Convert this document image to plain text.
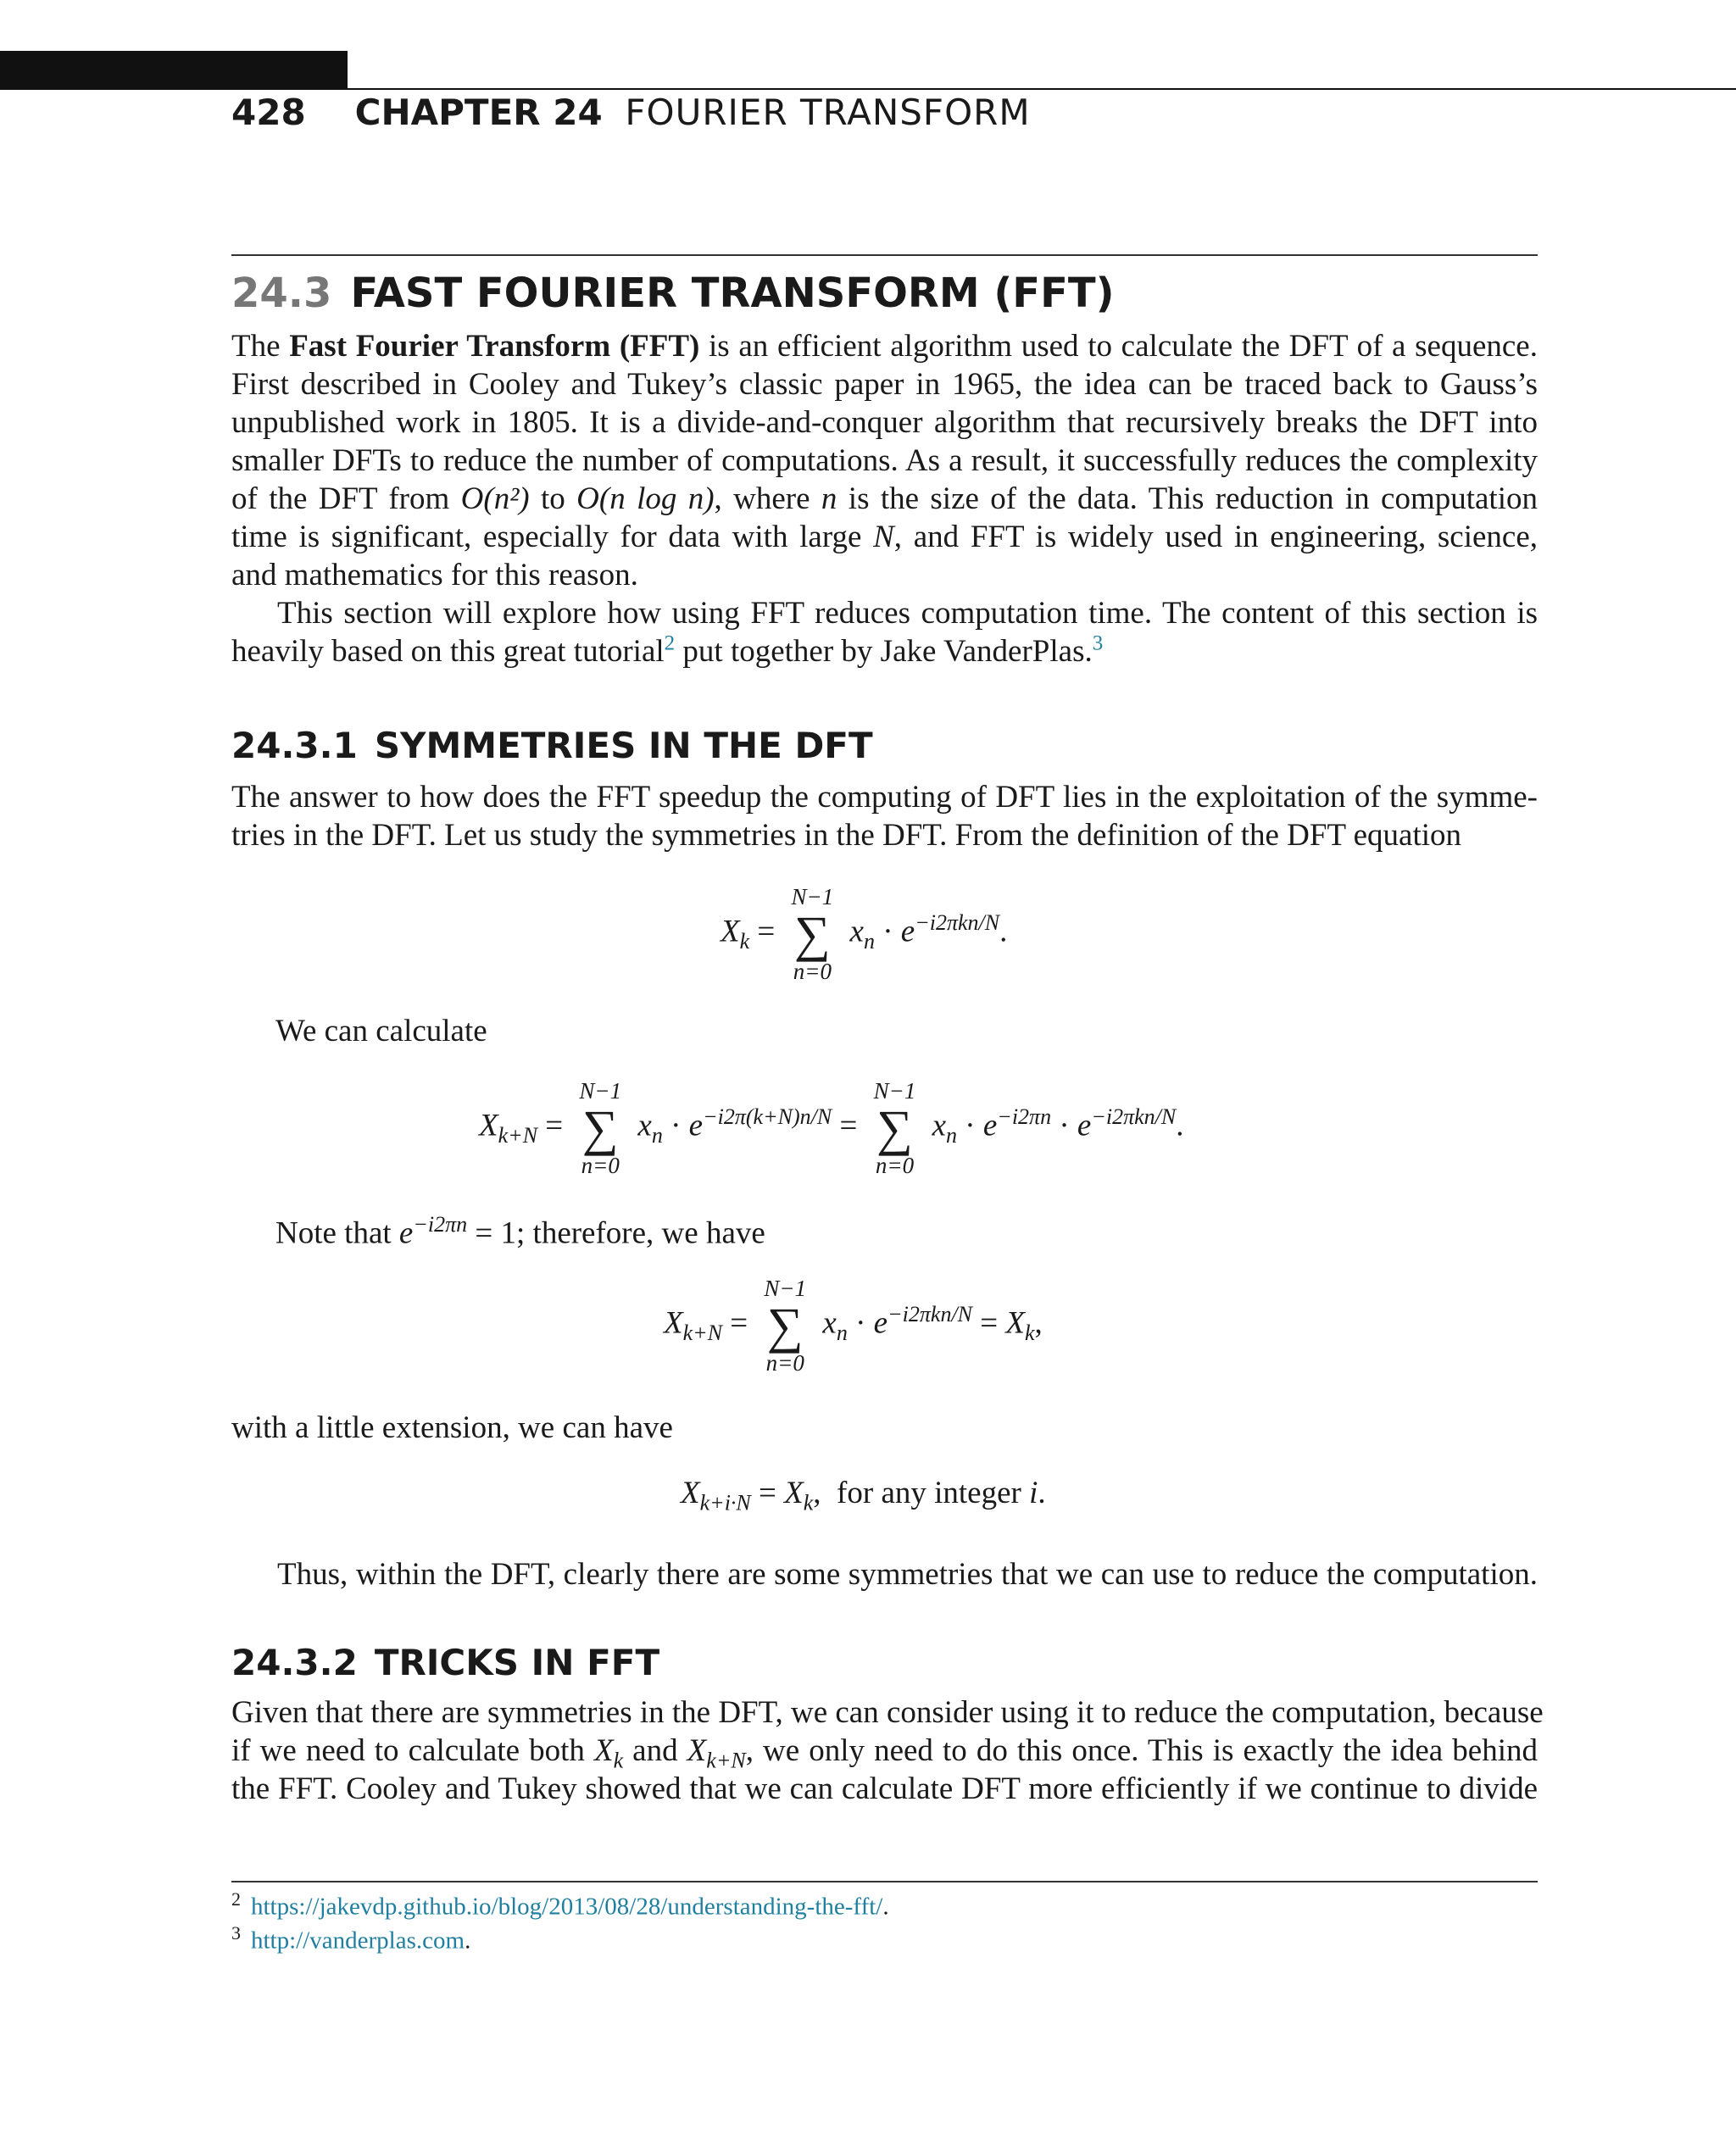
428 CHAPTER 24 FOURIER TRANSFORM
24.3 FAST FOURIER TRANSFORM (FFT)
The Fast Fourier Transform (FFT) is an efficient algorithm used to calculate the DFT of a sequence.
First described in Cooley and Tukey’s classic paper in 1965, the idea can be traced back to Gauss’s
unpublished work in 1805. It is a divide-and-conquer algorithm that recursively breaks the DFT into
smaller DFTs to reduce the number of computations. As a result, it successfully reduces the complexity
of the DFT from O(n²) to O(n log n), where n is the size of the data. This reduction in computation
time is significant, especially for data with large N, and FFT is widely used in engineering, science,
and mathematics for this reason.
This section will explore how using FFT reduces computation time. The content of this section is
heavily based on this great tutorial$^2$ put together by Jake VanderPlas.$^3$
24.3.1 SYMMETRIES IN THE DFT
The answer to how does the FFT speedup the computing of DFT lies in the exploitation of the symme-
tries in the DFT. Let us study the symmetries in the DFT. From the definition of the DFT equation
$X_k$ =
N−1
∑
n=0
$x_n \cdot e^{-i2\pi kn/N}$.
We can calculate
$X_{k+N}$ =
N−1
∑
n=0
$x_n \cdot e^{-i2\pi(k+N)n/N}$ =
N−1
∑
n=0
$x_n \cdot e^{-i2\pi n} \cdot e^{-i2\pi kn/N}$.
Note that $e^{-i2\pi n} = 1$; therefore, we have
$X_{k+N}$ =
N−1
∑
n=0
$x_n \cdot e^{-i2\pi kn/N} = X_k$,
with a little extension, we can have
$X_{k+i\cdot N} = X_k$, for any integer i.
Thus, within the DFT, clearly there are some symmetries that we can use to reduce the computation.
24.3.2 TRICKS IN FFT
Given that there are symmetries in the DFT, we can consider using it to reduce the computation, because
if we need to calculate both $X_k$ and $X_{k+N}$, we only need to do this once. This is exactly the idea behind
the FFT. Cooley and Tukey showed that we can calculate DFT more efficiently if we continue to divide
$^2$ https://jakevdp.github.io/blog/2013/08/28/understanding-the-fft/.
$^3$ http://vanderplas.com.
